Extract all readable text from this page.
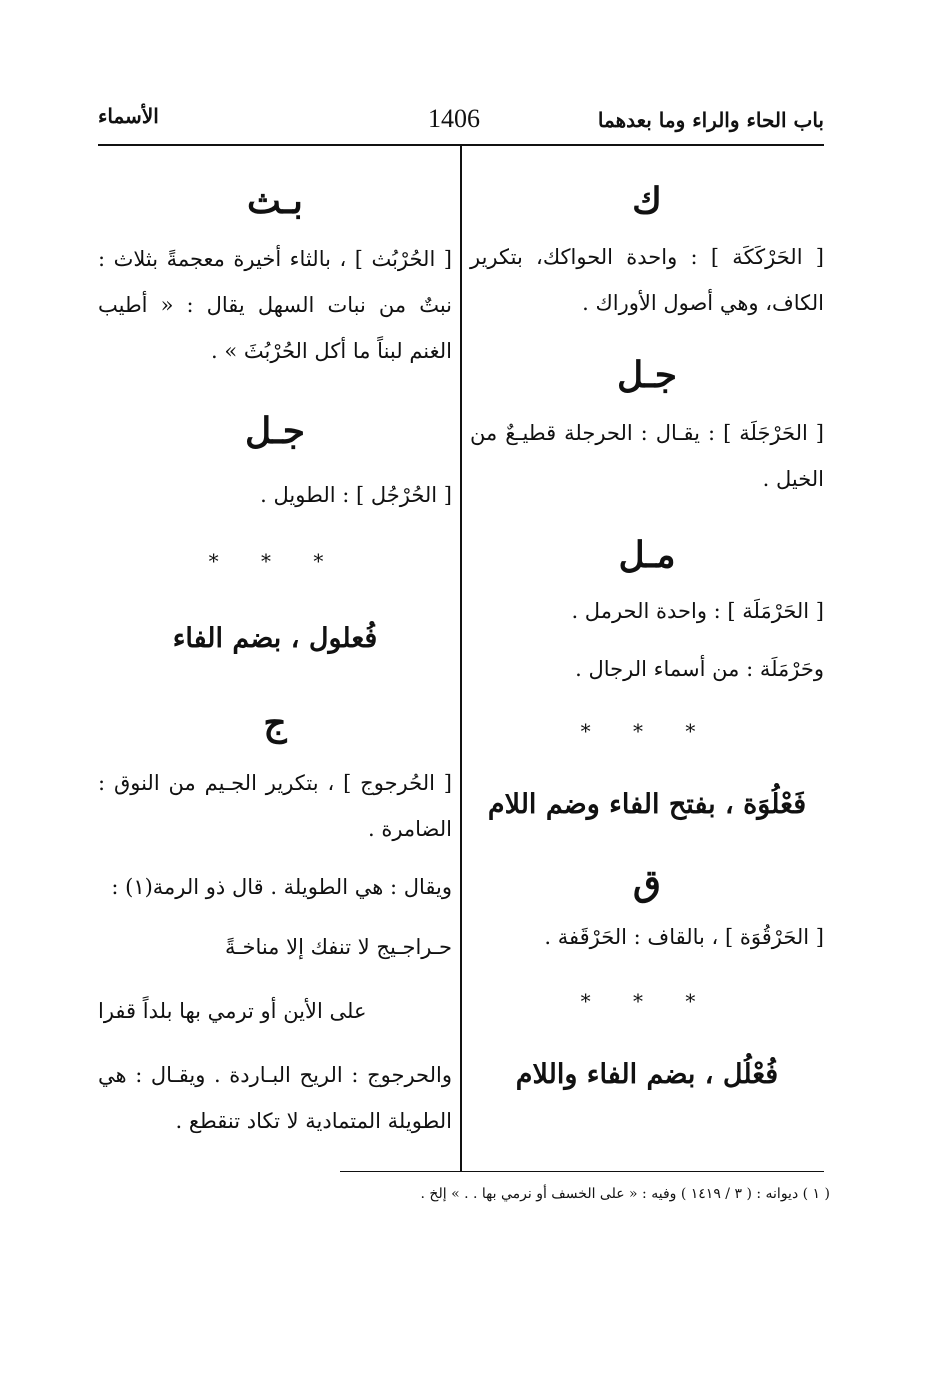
باب الحاء والراء وما بعدهما
1406
الأسماء
ك
[ الحَرْكَكَة ] : واحدة الحواكك، بتكرير الكاف، وهي أصول الأوراك .
جـل
[ الحَرْجَلَة ] : يقـال : الحرجلة قطيـعٌ من الخيل .
مـل
[ الحَرْمَلَة ] : واحدة الحرمل .
وحَرْمَلَة : من أسماء الرجال .
* * *
فَعْلُوَة ، بفتح الفاء وضم اللام
ق
[ الحَرْقُوَة ] ، بالقاف : الحَرْقَفة .
* * *
فُعْلُل ، بضم الفاء واللام
بـث
[ الحُرْبُث ] ، بالثاء أخيرة معجمةً بثلاث : نبتٌ من نبات السهل يقال : « أطيب الغنم لبناً ما أكل الحُرْبُثَ » .
جـل
[ الحُرْجُل ] : الطويل .
* * *
فُعلول ، بضم الفاء
ج
[ الحُرجوج ] ، بتكرير الجـيم من النوق : الضامرة .
ويقال : هي الطويلة . قال ذو الرمة(١) :
حـراجـيج لا تنفك إلا مناخـةً
على الأين أو ترمي بها بلداً قفرا
والحرجوج : الريح البـاردة . ويقـال : هي الطويلة المتمادية لا تكاد تنقطع .
( ١ ) ديوانه : ( ٣ / ١٤١٩ ) وفيه : « على الخسف أو نرمي بها . . » إلخ .
